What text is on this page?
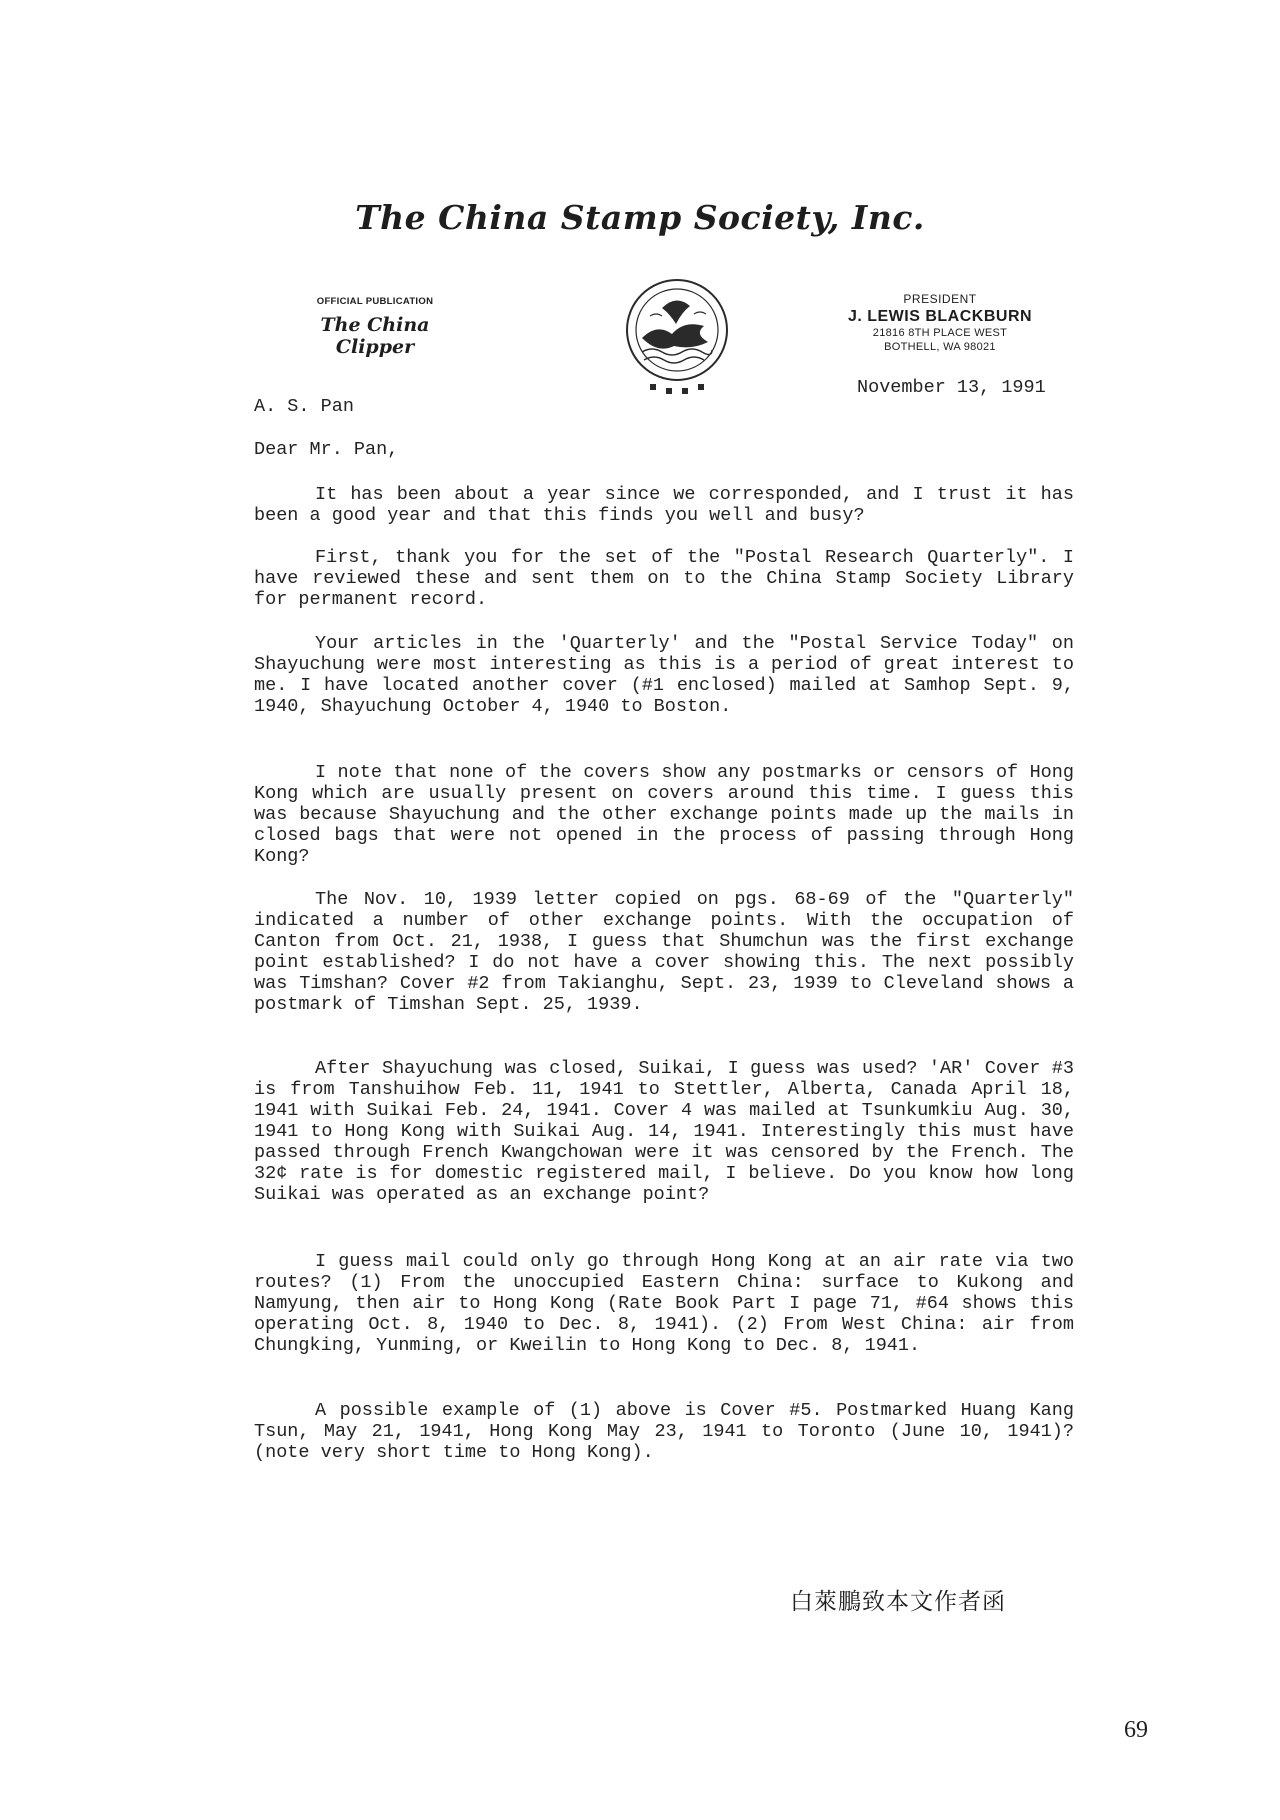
The China Stamp Society, Inc.
OFFICIAL PUBLICATION
The China Clipper
PRESIDENT
J. LEWIS BLACKBURN
21816 8TH PLACE WEST
BOTHELL, WA 98021
November 13, 1991
A. S. Pan
Dear Mr. Pan,
It has been about a year since we corresponded, and I trust it has been a good year and that this finds you well and busy?
First, thank you for the set of the "Postal Research Quarterly". I have reviewed these and sent them on to the China Stamp Society Library for permanent record.
Your articles in the 'Quarterly' and the "Postal Service Today" on Shayuchung were most interesting as this is a period of great interest to me. I have located another cover (#1 enclosed) mailed at Samhop Sept. 9, 1940, Shayuchung October 4, 1940 to Boston.
I note that none of the covers show any postmarks or censors of Hong Kong which are usually present on covers around this time. I guess this was because Shayuchung and the other exchange points made up the mails in closed bags that were not opened in the process of passing through Hong Kong?
The Nov. 10, 1939 letter copied on pgs. 68-69 of the "Quarterly" indicated a number of other exchange points. With the occupation of Canton from Oct. 21, 1938, I guess that Shumchun was the first exchange point established? I do not have a cover showing this. The next possibly was Timshan? Cover #2 from Takianghu, Sept. 23, 1939 to Cleveland shows a postmark of Timshan Sept. 25, 1939.
After Shayuchung was closed, Suikai, I guess was used? 'AR' Cover #3 is from Tanshuihow Feb. 11, 1941 to Stettler, Alberta, Canada April 18, 1941 with Suikai Feb. 24, 1941. Cover 4 was mailed at Tsunkumkiu Aug. 30, 1941 to Hong Kong with Suikai Aug. 14, 1941. Interestingly this must have passed through French Kwangchowan were it was censored by the French. The 32¢ rate is for domestic registered mail, I believe. Do you know how long Suikai was operated as an exchange point?
I guess mail could only go through Hong Kong at an air rate via two routes? (1) From the unoccupied Eastern China: surface to Kukong and Namyung, then air to Hong Kong (Rate Book Part I page 71, #64 shows this operating Oct. 8, 1940 to Dec. 8, 1941). (2) From West China: air from Chungking, Yunming, or Kweilin to Hong Kong to Dec. 8, 1941.
A possible example of (1) above is Cover #5. Postmarked Huang Kang Tsun, May 21, 1941, Hong Kong May 23, 1941 to Toronto (June 10, 1941)? (note very short time to Hong Kong).
白萊鵬致本文作者函
69
